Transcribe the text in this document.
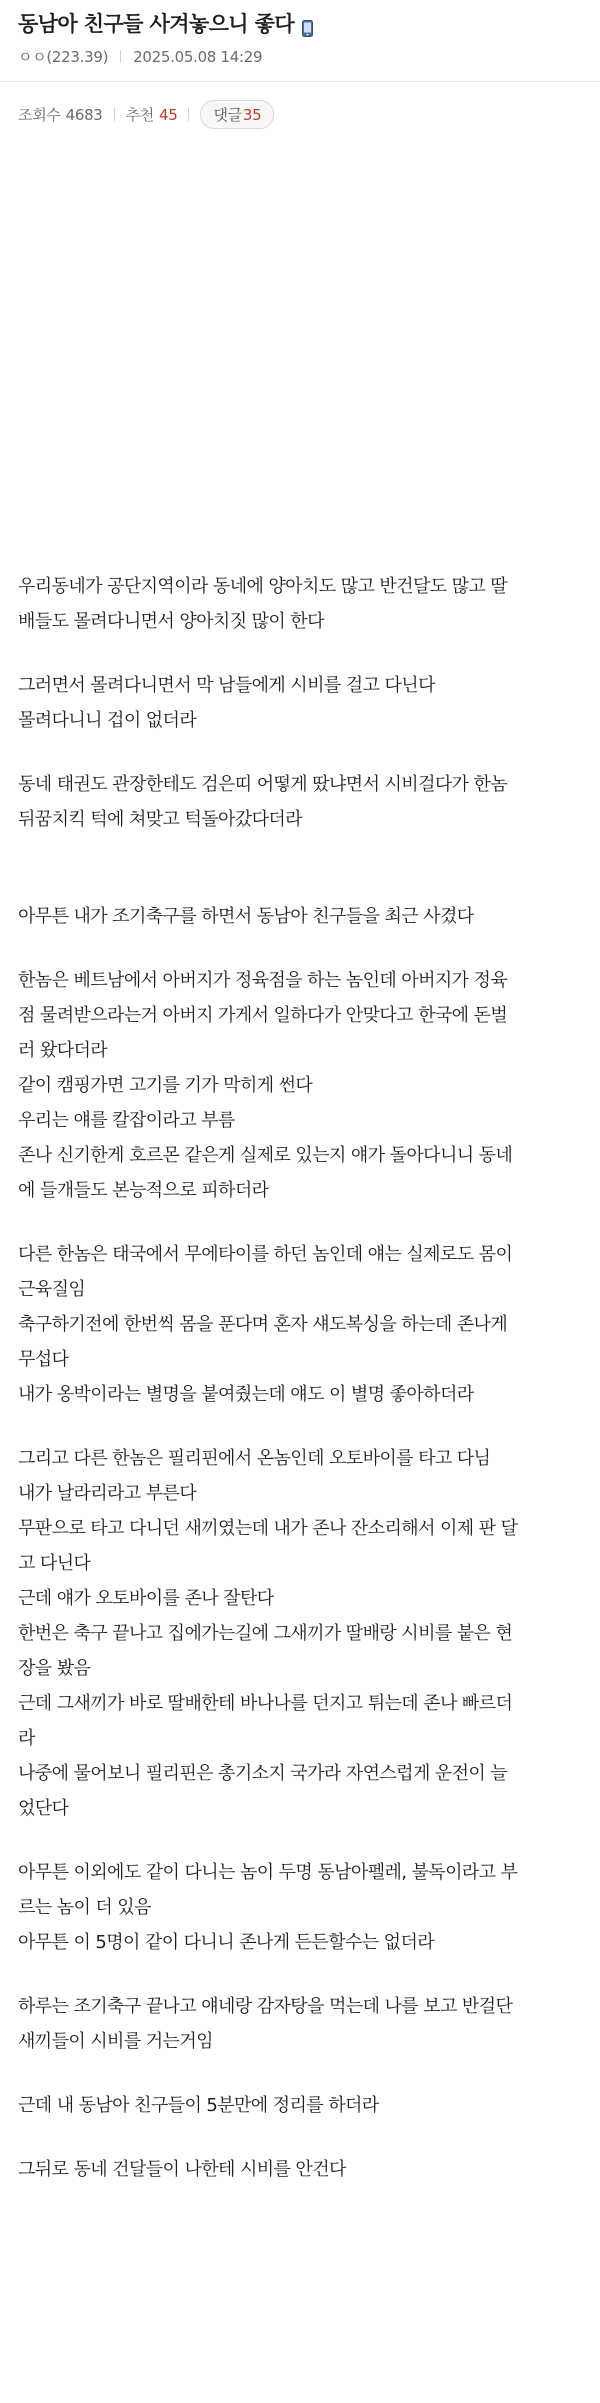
동남아 친구들 사겨놓으니 좋다
ㅇㅇ(223.39) 2025.05.08 14:29
조회수 4683 추천 45 댓글 35
우리동네가 공단지역이라 동네에 양아치도 많고 반건달도 많고 딸
배들도 몰려다니면서 양아치짓 많이 한다
그러면서 몰려다니면서 막 남들에게 시비를 걸고 다닌다
몰려다니니 겁이 없더라
동네 태권도 관장한테도 검은띠 어떻게 땄냐면서 시비걸다가 한놈
뒤꿈치킥 턱에 쳐맞고 턱돌아갔다더라
아무튼 내가 조기축구를 하면서 동남아 친구들을 최근 사겼다
한놈은 베트남에서 아버지가 정육점을 하는 놈인데 아버지가 정육
점 물려받으라는거 아버지 가게서 일하다가 안맞다고 한국에 돈벌
러 왔다더라
같이 캠핑가면 고기를 기가 막히게 썬다
우리는 얘를 칼잡이라고 부름
존나 신기한게 호르몬 같은게 실제로 있는지 얘가 돌아다니니 동네
에 들개들도 본능적으로 피하더라
다른 한놈은 태국에서 무에타이를 하던 놈인데 얘는 실제로도 몸이
근육질임
축구하기전에 한번씩 몸을 푼다며 혼자 섀도복싱을 하는데 존나게
무섭다
내가 옹박이라는 별명을 붙여줬는데 얘도 이 별명 좋아하더라
그리고 다른 한놈은 필리핀에서 온놈인데 오토바이를 타고 다님
내가 날라리라고 부른다
무판으로 타고 다니던 새끼였는데 내가 존나 잔소리해서 이제 판 달
고 다닌다
근데 얘가 오토바이를 존나 잘탄다
한번은 축구 끝나고 집에가는길에 그새끼가 딸배랑 시비를 붙은 현
장을 봤음
근데 그새끼가 바로 딸배한테 바나나를 던지고 튀는데 존나 빠르더
라
나중에 물어보니 필리핀은 총기소지 국가라 자연스럽게 운전이 늘
었단다
아무튼 이외에도 같이 다니는 놈이 두명 동남아펠레, 불독이라고 부
르는 놈이 더 있음
아무튼 이 5명이 같이 다니니 존나게 든든할수는 없더라
하루는 조기축구 끝나고 얘네랑 감자탕을 먹는데 나를 보고 반걸단
새끼들이 시비를 거는거임
근데 내 동남아 친구들이 5분만에 정리를 하더라
그뒤로 동네 건달들이 나한테 시비를 안건다
